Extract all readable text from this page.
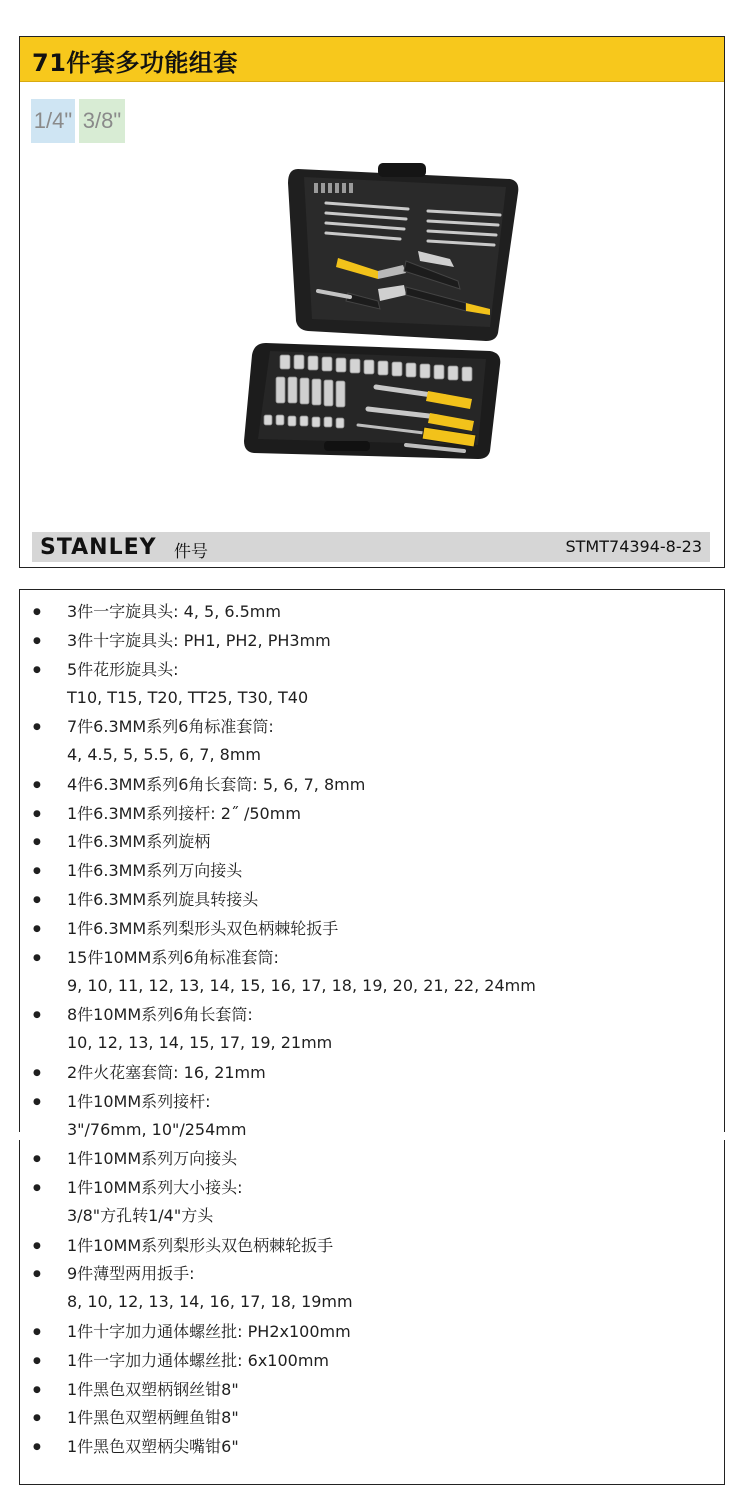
71件套多功能组套
1/4" 3/8"
STANLEY 件号	STMT74394-8-23
● 3件一字旋具头: 4, 5, 6.5mm
● 3件十字旋具头: PH1, PH2, PH3mm
● 5件花形旋具头:
T10, T15, T20, TT25, T30, T40
● 7件6.3MM系列6角标准套筒:
4, 4.5, 5, 5.5, 6, 7, 8mm
● 4件6.3MM系列6角长套筒: 5, 6, 7, 8mm
● 1件6.3MM系列接杆: 2˝ /50mm
● 1件6.3MM系列旋柄
● 1件6.3MM系列万向接头
● 1件6.3MM系列旋具转接头
● 1件6.3MM系列梨形头双色柄棘轮扳手
● 15件10MM系列6角标准套筒:
9, 10, 11, 12, 13, 14, 15, 16, 17, 18, 19, 20, 21, 22, 24mm
● 8件10MM系列6角长套筒:
10, 12, 13, 14, 15, 17, 19, 21mm
● 2件火花塞套筒: 16, 21mm
● 1件10MM系列接杆:
3"/76mm, 10"/254mm
● 1件10MM系列万向接头
● 1件10MM系列大小接头:
3/8"方孔转1/4"方头
● 1件10MM系列梨形头双色柄棘轮扳手
● 9件薄型两用扳手:
8, 10, 12, 13, 14, 16, 17, 18, 19mm
● 1件十字加力通体螺丝批: PH2x100mm
● 1件一字加力通体螺丝批: 6x100mm
● 1件黑色双塑柄钢丝钳8"
● 1件黑色双塑柄鲤鱼钳8"
● 1件黑色双塑柄尖嘴钳6"
